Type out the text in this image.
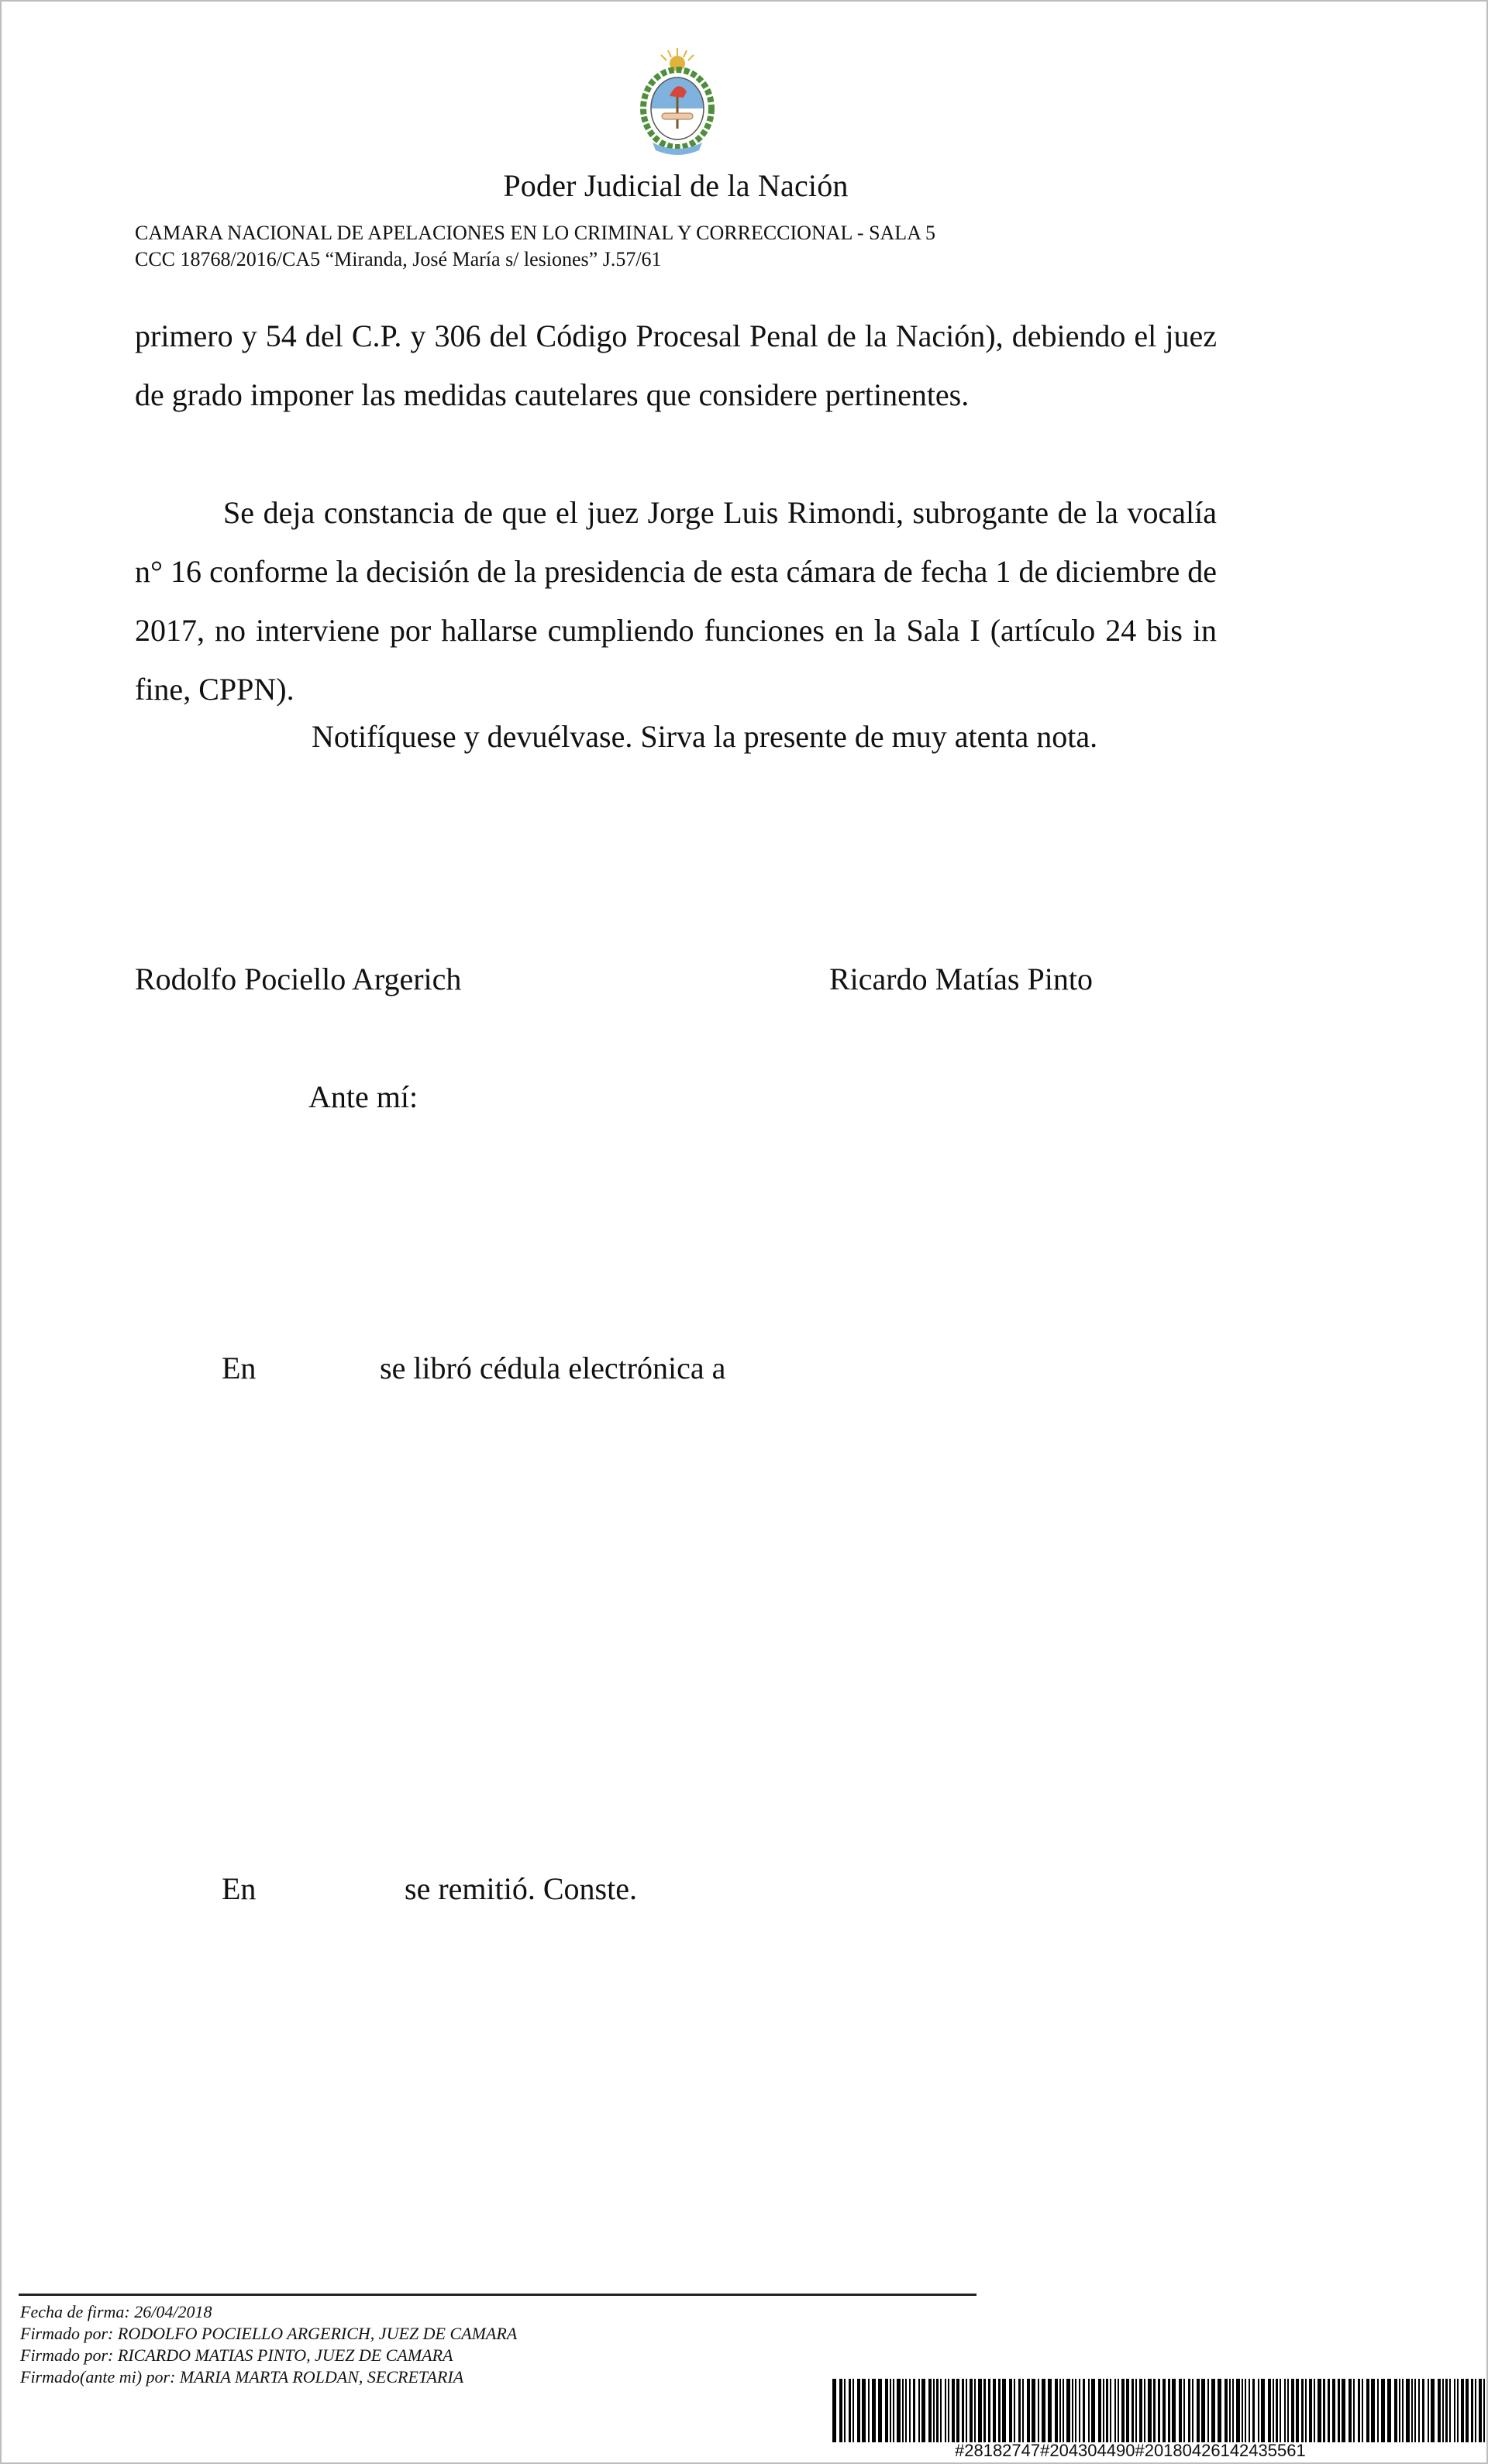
Poder Judicial de la Nación
CAMARA NACIONAL DE APELACIONES EN LO CRIMINAL Y CORRECCIONAL - SALA 5
CCC 18768/2016/CA5 “Miranda, José María s/ lesiones” J.57/61

primero y 54 del C.P. y 306 del Código Procesal Penal de la Nación), debiendo el juez de grado imponer las medidas cautelares que considere pertinentes.

Se deja constancia de que el juez Jorge Luis Rimondi, subrogante de la vocalía n° 16 conforme la decisión de la presidencia de esta cámara de fecha 1 de diciembre de 2017, no interviene por hallarse cumpliendo funciones en la Sala I (artículo 24 bis in fine, CPPN).

Notifíquese y devuélvase. Sirva la presente de muy atenta nota.
Rodolfo Pociello Argerich	Ricardo Matías Pinto
Ante mí:
En	se libró cédula electrónica a
En	se remitió. Conste.
Fecha de firma: 26/04/2018
Firmado por: RODOLFO POCIELLO ARGERICH, JUEZ DE CAMARA
Firmado por: RICARDO MATIAS PINTO, JUEZ DE CAMARA
Firmado(ante mi) por: MARIA MARTA ROLDAN, SECRETARIA
#28182747#204304490#20180426142435561
